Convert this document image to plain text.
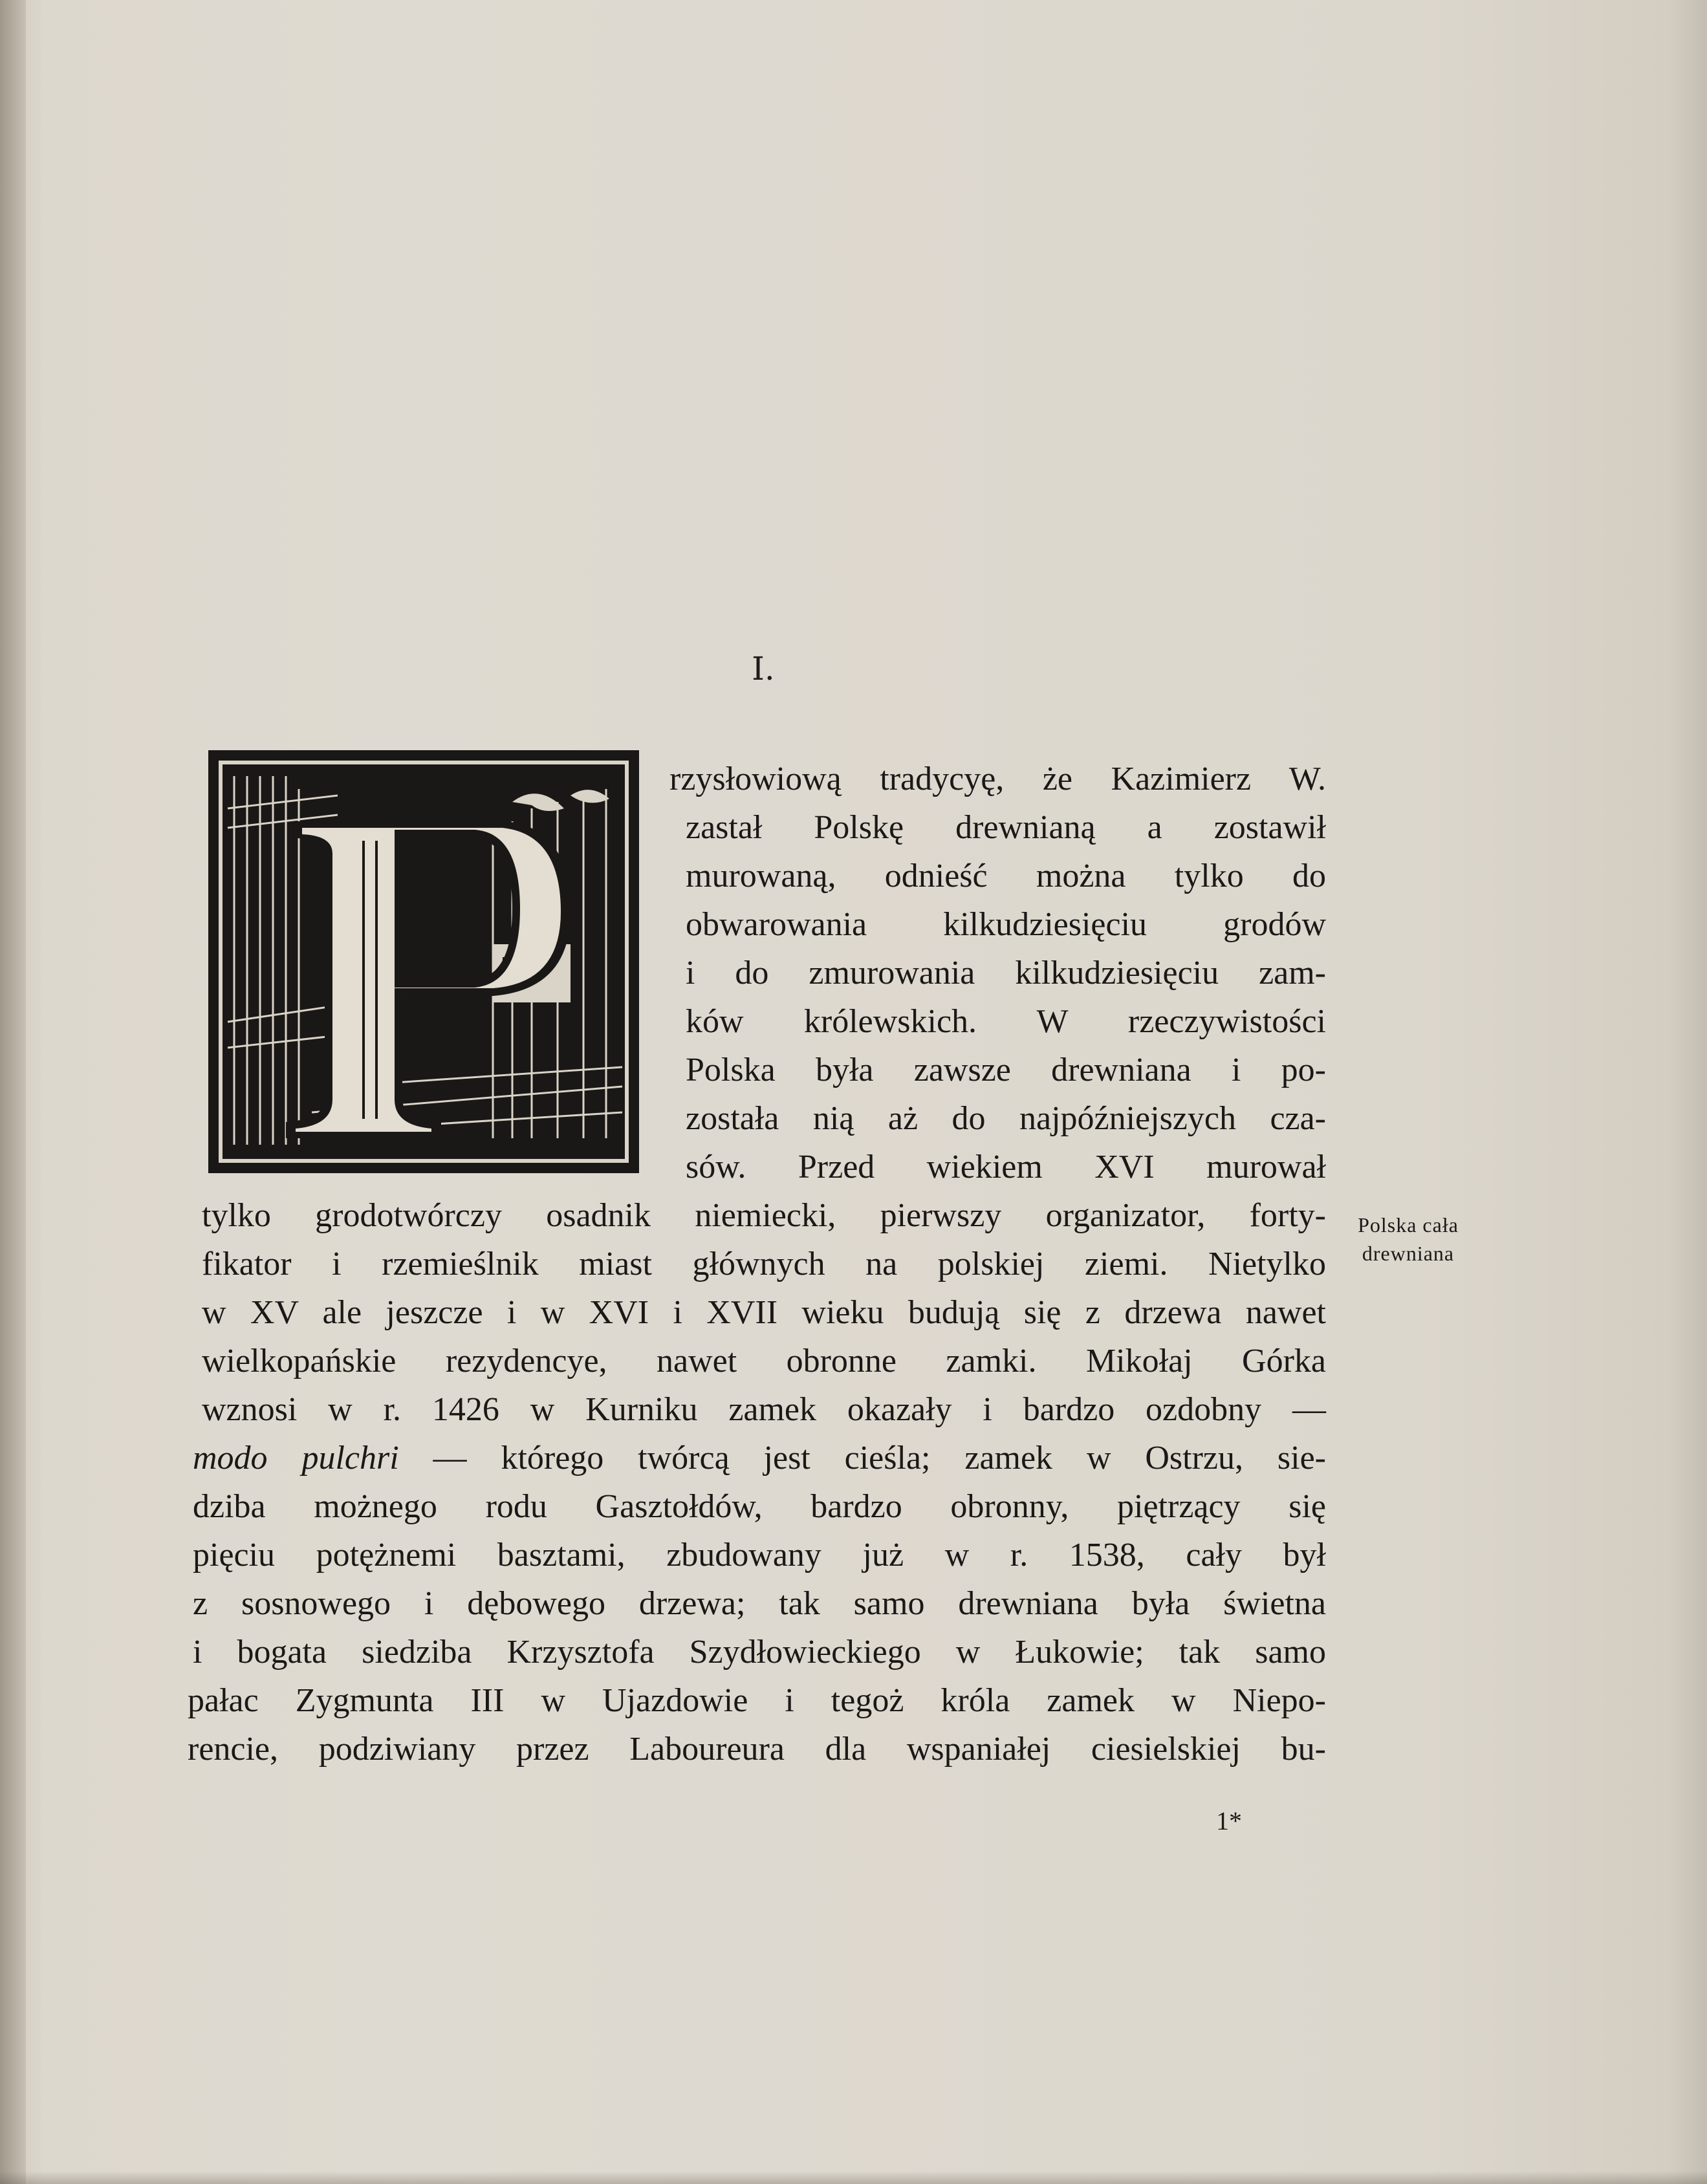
I.
rzysłowiową tradycyę, że Kazimierz W.
zastał Polskę drewnianą a zostawił
murowaną, odnieść można tylko do
obwarowania kilkudziesięciu grodów
i do zmurowania kilkudziesięciu zam-
ków królewskich. W rzeczywistości
Polska była zawsze drewniana i po-
została nią aż do najpóźniejszych cza-
sów. Przed wiekiem XVI murował
tylko grodotwórczy osadnik niemiecki, pierwszy organizator, forty-
fikator i rzemieślnik miast głównych na polskiej ziemi. Nietylko
w XV ale jeszcze i w XVI i XVII wieku budują się z drzewa nawet
wielkopańskie rezydencye, nawet obronne zamki. Mikołaj Górka
wznosi w r. 1426 w Kurniku zamek okazały i bardzo ozdobny —
modo pulchri — którego twórcą jest cieśla; zamek w Ostrzu, sie-
dziba możnego rodu Gasztołdów, bardzo obronny, piętrzący się
pięciu potężnemi basztami, zbudowany już w r. 1538, cały był
z sosnowego i dębowego drzewa; tak samo drewniana była świetna
i bogata siedziba Krzysztofa Szydłowieckiego w Łukowie; tak samo
pałac Zygmunta III w Ujazdowie i tegoż króla zamek w Niepo-
rencie, podziwiany przez Laboureura dla wspaniałej ciesielskiej bu-
Polska cała
drewniana
1*
